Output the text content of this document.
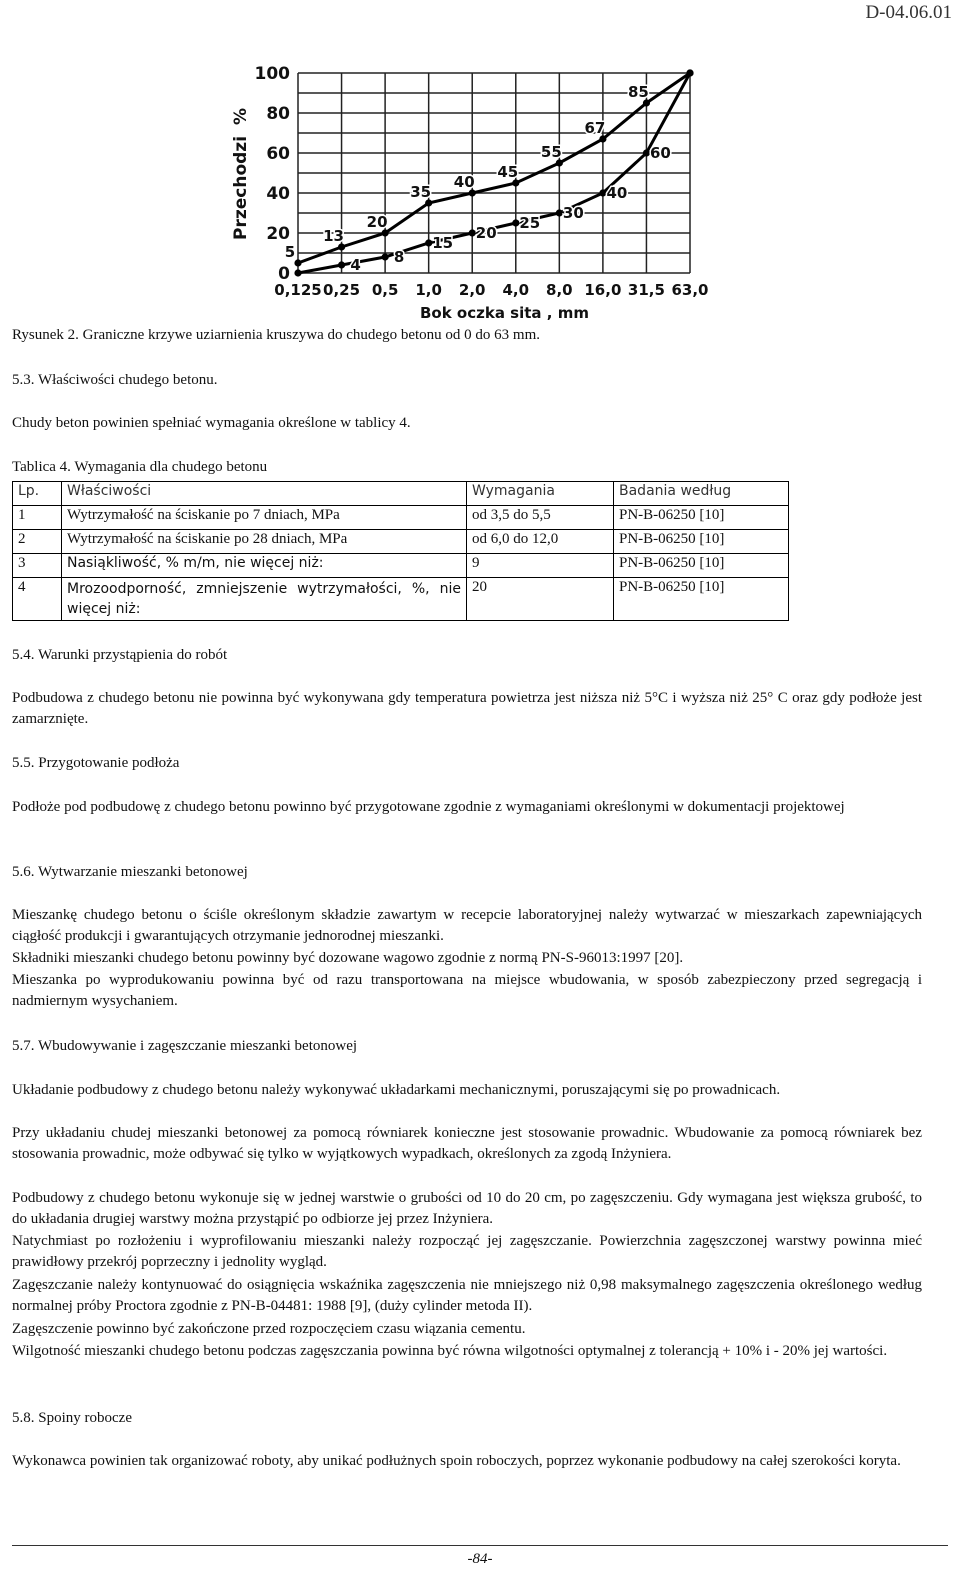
D-04.06.01
0
20
40
60
80
100
0,125 0,25 0,5 1,0 2,0 4,0 8,0 16,0 31,5 63,0
5
13
20
35
40
45
55
67
85
4 8
15
20
25
30
40
60
Przechodzi
%
Bok oczka sita , mm
Rysunek 2. Graniczne krzywe uziarnienia kruszywa do chudego betonu od 0 do 63 mm.
5.3. Właściwości chudego betonu.
Chudy beton powinien spełniać wymagania określone w tablicy 4.
Tablica 4. Wymagania dla chudego betonu
Lp.	Właściwości	Wymagania	Badania według
1	Wytrzymałość na ściskanie po 7 dniach, MPa	od 3,5 do 5,5	PN-B-06250 [10]
2	Wytrzymałość na ściskanie po 28 dniach, MPa	od 6,0 do 12,0	PN-B-06250 [10]
3	Nasiąkliwość, % m/m, nie więcej niż:	9	PN-B-06250 [10]
4	Mrozoodporność, zmniejszenie wytrzymałości, %, nie więcej niż:	20	PN-B-06250 [10]
5.4. Warunki przystąpienia do robót
Podbudowa z chudego betonu nie powinna być wykonywana gdy temperatura powietrza jest niższa niż 5°C i wyższa niż 25° C oraz gdy podłoże jest zamarznięte.
5.5. Przygotowanie podłoża
Podłoże pod podbudowę z chudego betonu powinno być przygotowane zgodnie z wymaganiami określonymi w dokumentacji projektowej
5.6. Wytwarzanie mieszanki betonowej
Mieszankę chudego betonu o ściśle określonym składzie zawartym w recepcie laboratoryjnej należy wytwarzać w mieszarkach zapewniających ciągłość produkcji i gwarantujących otrzymanie jednorodnej mieszanki.
Składniki mieszanki chudego betonu powinny być dozowane wagowo zgodnie z normą PN-S-96013:1997 [20].
Mieszanka po wyprodukowaniu powinna być od razu transportowana na miejsce wbudowania, w sposób zabezpieczony przed segregacją i nadmiernym wysychaniem.
5.7. Wbudowywanie i zagęszczanie mieszanki betonowej
Układanie podbudowy z chudego betonu należy wykonywać układarkami mechanicznymi, poruszającymi się po prowadnicach.
Przy układaniu chudej mieszanki betonowej za pomocą równiarek konieczne jest stosowanie prowadnic. Wbudowanie za pomocą równiarek bez stosowania prowadnic, może odbywać się tylko w wyjątkowych wypadkach, określonych za zgodą Inżyniera.
Podbudowy z chudego betonu wykonuje się w jednej warstwie o grubości od 10 do 20 cm, po zagęszczeniu. Gdy wymagana jest większa grubość, to do układania drugiej warstwy można przystąpić po odbiorze jej przez Inżyniera.
Natychmiast po rozłożeniu i wyprofilowaniu mieszanki należy rozpocząć jej zagęszczanie. Powierzchnia zagęszczonej warstwy powinna mieć prawidłowy przekrój poprzeczny i jednolity wygląd.
Zagęszczanie należy kontynuować do osiągnięcia wskaźnika zagęszczenia nie mniejszego niż 0,98 maksymalnego zagęszczenia określonego według normalnej próby Proctora zgodnie z PN-B-04481: 1988 [9], (duży cylinder metoda II).
Zagęszczenie powinno być zakończone przed rozpoczęciem czasu wiązania cementu.
Wilgotność mieszanki chudego betonu podczas zagęszczania powinna być równa wilgotności optymalnej z tolerancją + 10% i - 20% jej wartości.
5.8. Spoiny robocze
Wykonawca powinien tak organizować roboty, aby unikać podłużnych spoin roboczych, poprzez wykonanie podbudowy na całej szerokości koryta.
-84-
